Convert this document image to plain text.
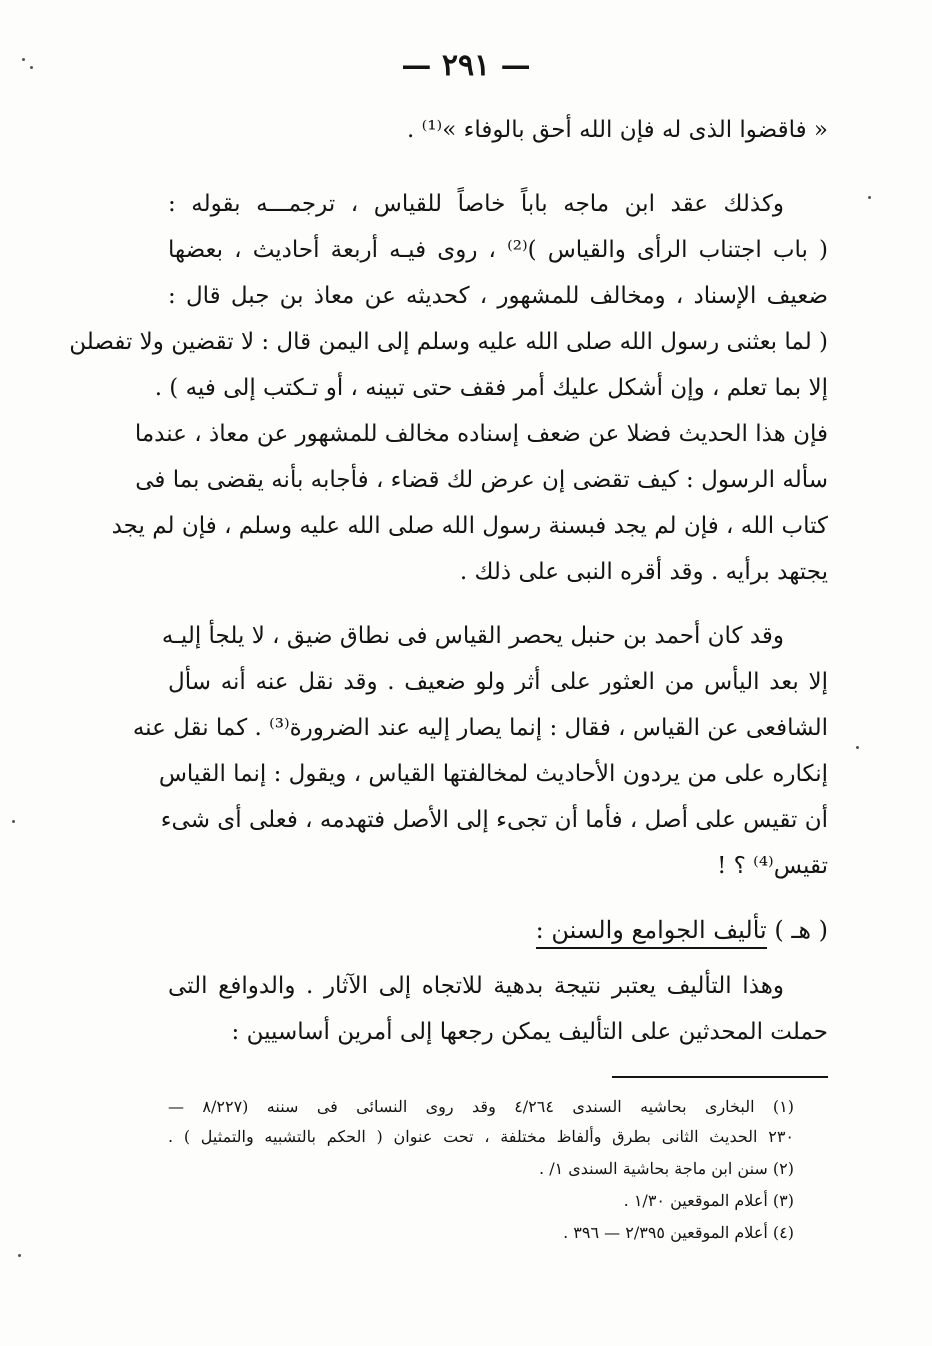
— ٢٩١ —
« فاقضوا الذى له فإن الله أحق بالوفاء »⁽¹⁾ .
وكذلك عقد ابن ماجه باباً خاصاً للقياس ، ترجمـــه بقوله :
( باب اجتناب الرأى والقياس )⁽²⁾ ، روى فيـه أربعة أحاديث ، بعضها
ضعيف الإسناد ، ومخالف للمشهور ، كحديثه عن معاذ بن جبل قال :
( لما بعثنى رسول الله صلى الله عليه وسلم إلى اليمن قال : لا تقضين ولا تفصلن
إلا بما تعلم ، وإن أشكل عليك أمر فقف حتى تبينه ، أو تـكتب إلى فيه ) .
فإن هذا الحديث فضلا عن ضعف إسناده مخالف للمشهور عن معاذ ، عندما
سأله الرسول : كيف تقضى إن عرض لك قضاء ، فأجابه بأنه يقضى بما فى
كتاب الله ، فإن لم يجد فبسنة رسول الله صلى الله عليه وسلم ، فإن لم يجد
يجتهد برأيه . وقد أقره النبى على ذلك .
وقد كان أحمد بن حنبل يحصر القياس فى نطاق ضيق ، لا يلجأ إليـه
إلا بعد اليأس من العثور على أثر ولو ضعيف . وقد نقل عنه أنه سأل
الشافعى عن القياس ، فقال : إنما يصار إليه عند الضرورة⁽³⁾ . كما نقل عنه
إنكاره على من يردون الأحاديث لمخالفتها القياس ، ويقول : إنما القياس
أن تقيس على أصل ، فأما أن تجىء إلى الأصل فتهدمه ، فعلى أى شىء
تقيس⁽⁴⁾ ؟ !
( هـ ) تأليف الجوامع والسنن :
وهذا التأليف يعتبر نتيجة بدهية للاتجاه إلى الآثار . والدوافع التى
حملت المحدثين على التأليف يمكن رجعها إلى أمرين أساسيين :
(١) البخارى بحاشيه السندى ٤/٢٦٤ وقد روى النسائى فى سننه (٨/٢٢٧ —
٢٣٠ الحديث الثانى بطرق وألفاظ مختلفة ، تحت عنوان ( الحكم بالتشبيه والتمثيل ) .
(٢) سنن ابن ماجة بحاشية السندى ١/ .
(٣) أعلام الموقعين ١/٣٠ .
(٤) أعلام الموقعين ٢/٣٩٥ — ٣٩٦ .
